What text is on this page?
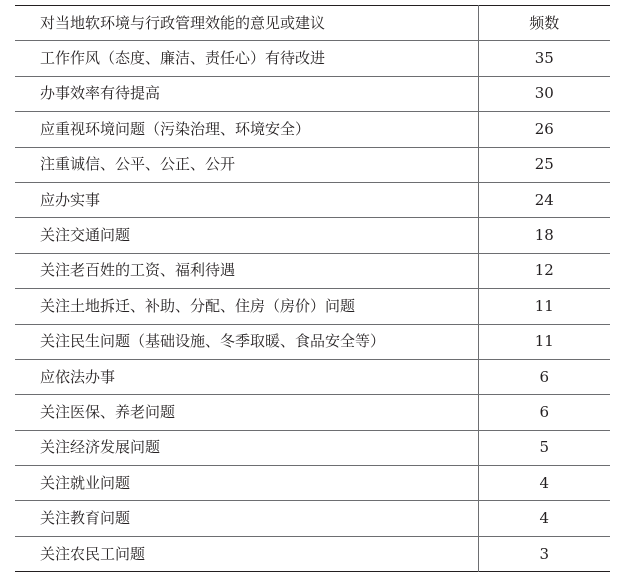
对当地软环境与行政管理效能的意见或建议	频数
工作作风（态度、廉洁、责任心）有待改进	35
办事效率有待提高	30
应重视环境问题（污染治理、环境安全）	26
注重诚信、公平、公正、公开	25
应办实事	24
关注交通问题	18
关注老百姓的工资、福利待遇	12
关注土地拆迁、补助、分配、住房（房价）问题	11
关注民生问题（基础设施、冬季取暖、食品安全等）	11
应依法办事	6
关注医保、养老问题	6
关注经济发展问题	5
关注就业问题	4
关注教育问题	4
关注农民工问题	3
